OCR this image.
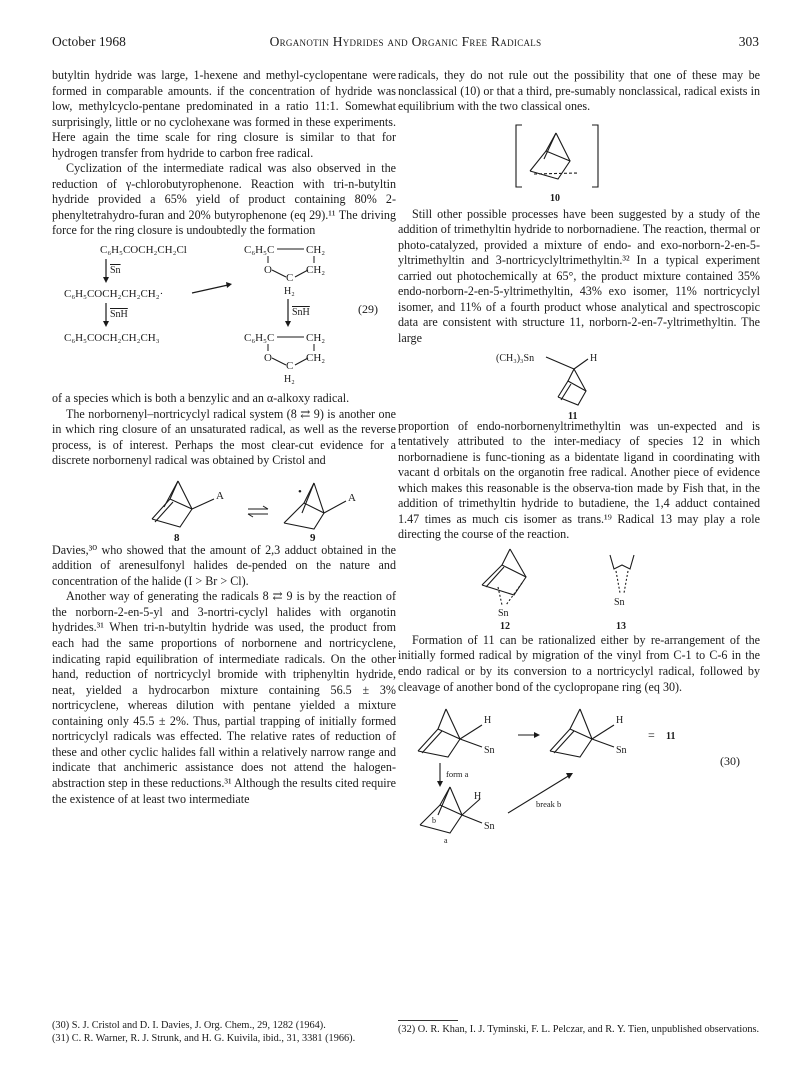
October 1968	Organotin Hydrides and Organic Free Radicals	303

butyltin hydride was large, 1-hexene and methyl-cyclopentane were formed in comparable amounts. if the concentration of hydride was low, methylcyclo-pentane predominated in a ratio 11:1. Somewhat surprisingly, little or no cyclohexane was formed in these experiments. Here again the time scale for ring closure is similar to that for hydrogen transfer from hydride to carbon free radical.

Cyclization of the intermediate radical was also observed in the reduction of γ-chlorobutyrophenone. Reaction with tri-n-butyltin hydride provided a 65% yield of product containing 80% 2-phenyltetrahydro-furan and 20% butyrophenone (eq 29).¹¹ The driving force for the ring closure is undoubtedly the formation

C₆H₅COCH₂CH₂Cl
Sn
C₆H₅COCH₂CH₂CH₂·
SnH
C₆H₅COCH₂CH₂CH₃
C₆H₅C	CH₂
O
C
CH₂
H₂
SnH	(29)
C₆H₅C	CH₂
O
C
CH₂
H₂

of a species which is both a benzylic and an α-alkoxy radical.

The norbornenyl–nortricyclyl radical system (8 ⇄ 9) is another one in which ring closure of an unsaturated radical, as well as the reverse process, is of interest. Perhaps the most clear-cut evidence for a discrete norbornenyl radical was obtained by Cristol and

A
8
•	A
9

Davies,³⁰ who showed that the amount of 2,3 adduct obtained in the addition of arenesulfonyl halides de-pended on the nature and concentration of the halide (I > Br > Cl).

Another way of generating the radicals 8 ⇄ 9 is by the reaction of the norborn-2-en-5-yl and 3-nortri-cyclyl halides with organotin hydrides.³¹ When tri-n-butyltin hydride was used, the product from each had the same proportions of norbornene and nortricyclene, indicating rapid equilibration of intermediate radicals. On the other hand, reduction of nortricyclyl bromide with triphenyltin hydride, neat, yielded a hydrocarbon mixture containing 56.5 ± 3% nortricyclene, whereas dilution with pentane yielded a mixture containing only 45.5 ± 2%. Thus, partial trapping of initially formed nortricyclyl radicals was effected. The relative rates of reduction of these and other cyclic halides fall within a relatively narrow range and indicate that anchimeric assistance does not attend the halogen-abstraction step in these reductions.³¹ Although the results cited require the existence of at least two intermediate

radicals, they do not rule out the possibility that one of these may be nonclassical (10) or that a third, pre-sumably nonclassical, radical exists in equilibrium with the two classical ones.

10

Still other possible processes have been suggested by a study of the addition of trimethyltin hydride to norbornadiene. The reaction, thermal or photo-catalyzed, provided a mixture of endo- and exo-norborn-2-en-5-yltrimethyltin and 3-nortricyclyltrimethyltin.³² In a typical experiment carried out photochemically at 65°, the product mixture contained 35% endo-norborn-2-en-5-yltrimethyltin, 43% exo isomer, 11% nortricyclyl isomer, and 11% of a fourth product whose analytical and spectroscopic data are consistent with structure 11, norborn-2-en-7-yltrimethyltin. The large

(CH₃)₃Sn	H
11

proportion of endo-norbornenyltrimethyltin was un-expected and is tentatively attributed to the inter-mediacy of species 12 in which norbornadiene is func-tioning as a bidentate ligand in coordinating with vacant d orbitals on the organotin free radical. Another piece of evidence which makes this reasonable is the observa-tion made by Fish that, in the addition of trimethyltin hydride to butadiene, the 1,4 adduct contained 1.47 times as much cis isomer as trans.¹⁹ Radical 13 may play a role directing the course of the reaction.

Sn
12
Sn
13

Formation of 11 can be rationalized either by re-arrangement of the initially formed radical by migration of the vinyl from C-1 to C-6 in the endo radical or by its conversion to a nortricyclyl radical, followed by cleavage of another bond of the cyclopropane ring (eq 30).

H
Sn
H
Sn
= 11
(30)
form a
break b
H
Sn
b
a
(30) S. J. Cristol and D. I. Davies, J. Org. Chem., 29, 1282 (1964).
(31) C. R. Warner, R. J. Strunk, and H. G. Kuivila, ibid., 31, 3381 (1966).
(32) O. R. Khan, I. J. Tyminski, F. L. Pelczar, and R. Y. Tien, unpublished observations.
